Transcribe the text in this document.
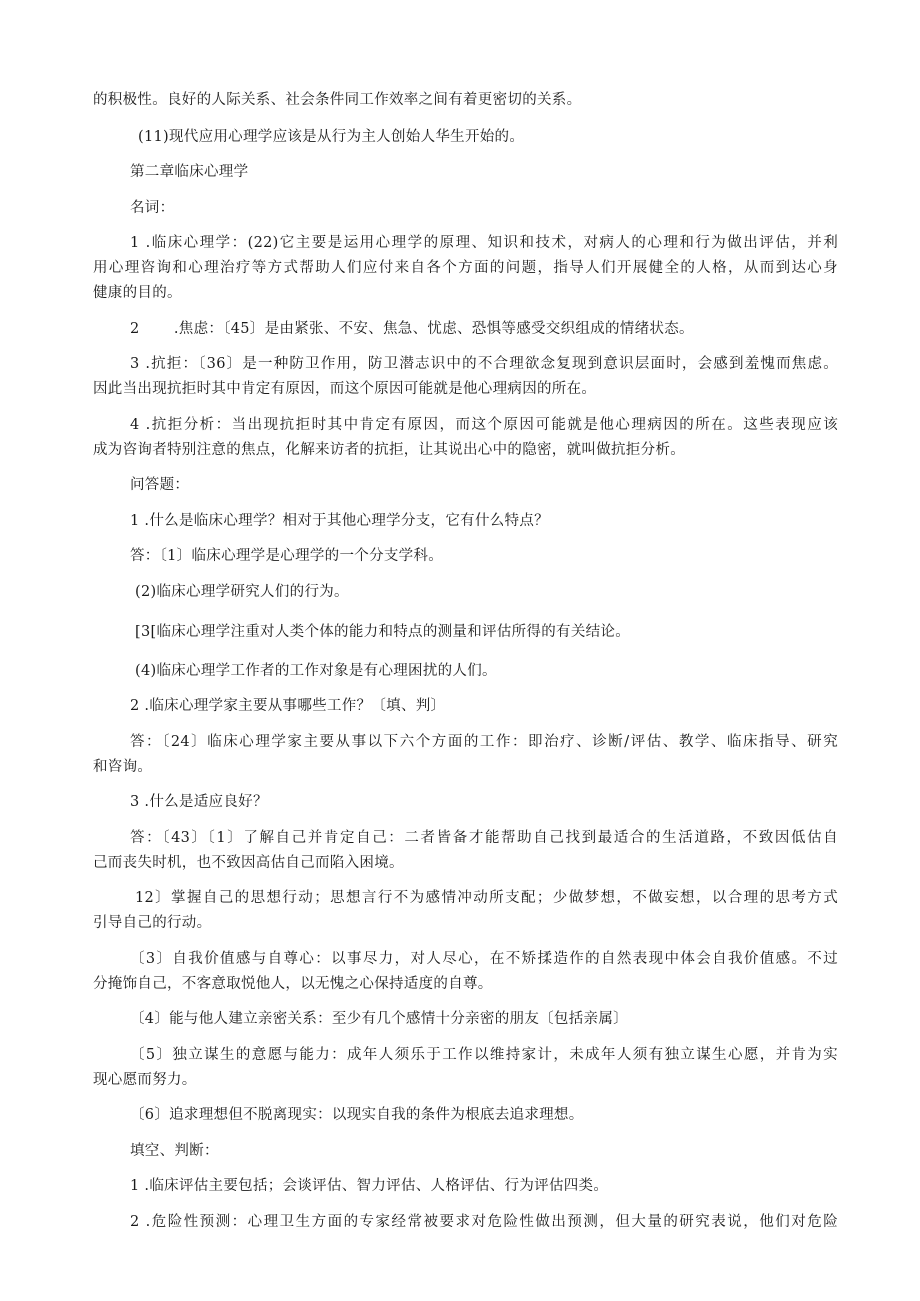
的积极性。良好的人际关系、社会条件同工作效率之间有着更密切的关系。
(11)现代应用心理学应该是从行为主人创始人华生开始的。
第二章临床心理学
名词：
1 .临床心理学：(22)它主要是运用心理学的原理、知识和技术，对病人的心理和行为做出评估，并利
用心理咨询和心理治疗等方式帮助人们应付来自各个方面的问题，指导人们开展健全的人格，从而到达心身
健康的目的。
2       .焦虑：〔45〕是由紧张、不安、焦急、忧虑、恐惧等感受交织组成的情绪状态。
3 .抗拒：〔36〕是一种防卫作用，防卫潜志识中的不合理欲念复现到意识层面时，会感到羞愧而焦虑。
因此当出现抗拒时其中肯定有原因，而这个原因可能就是他心理病因的所在。
4 .抗拒分析：当出现抗拒时其中肯定有原因，而这个原因可能就是他心理病因的所在。这些表现应该
成为咨询者特别注意的焦点，化解来访者的抗拒，让其说出心中的隐密，就叫做抗拒分析。
问答题：
1 .什么是临床心理学？相对于其他心理学分支，它有什么特点？
答：〔1〕临床心理学是心理学的一个分支学科。
(2)临床心理学研究人们的行为。
[3[临床心理学注重对人类个体的能力和特点的测量和评估所得的有关结论。
(4)临床心理学工作者的工作对象是有心理困扰的人们。
2 .临床心理学家主要从事哪些工作？〔填、判〕
答：〔24〕临床心理学家主要从事以下六个方面的工作：即治疗、诊断/评估、教学、临床指导、研究
和咨询。
3 .什么是适应良好？
答：〔43〕〔1〕了解自己并肯定自己：二者皆备才能帮助自己找到最适合的生活道路，不致因低估自
己而丧失时机，也不致因高估自己而陷入困境。
12〕掌握自己的思想行动；思想言行不为感情冲动所支配；少做梦想，不做妄想，以合理的思考方式
引导自己的行动。
〔3〕自我价值感与自尊心：以事尽力，对人尽心，在不矫揉造作的自然表现中体会自我价值感。不过
分掩饰自己，不客意取悦他人，以无愧之心保持适度的自尊。
〔4〕能与他人建立亲密关系：至少有几个感情十分亲密的朋友〔包括亲属〕
〔5〕独立谋生的意愿与能力：成年人须乐于工作以维持家计，未成年人须有独立谋生心愿，并肯为实
现心愿而努力。
〔6〕追求理想但不脱离现实：以现实自我的条件为根底去追求理想。
填空、判断：
1 .临床评估主要包括；会谈评估、智力评估、人格评估、行为评估四类。
2 .危险性预测：心理卫生方面的专家经常被要求对危险性做出预测，但大量的研究表说，他们对危险
